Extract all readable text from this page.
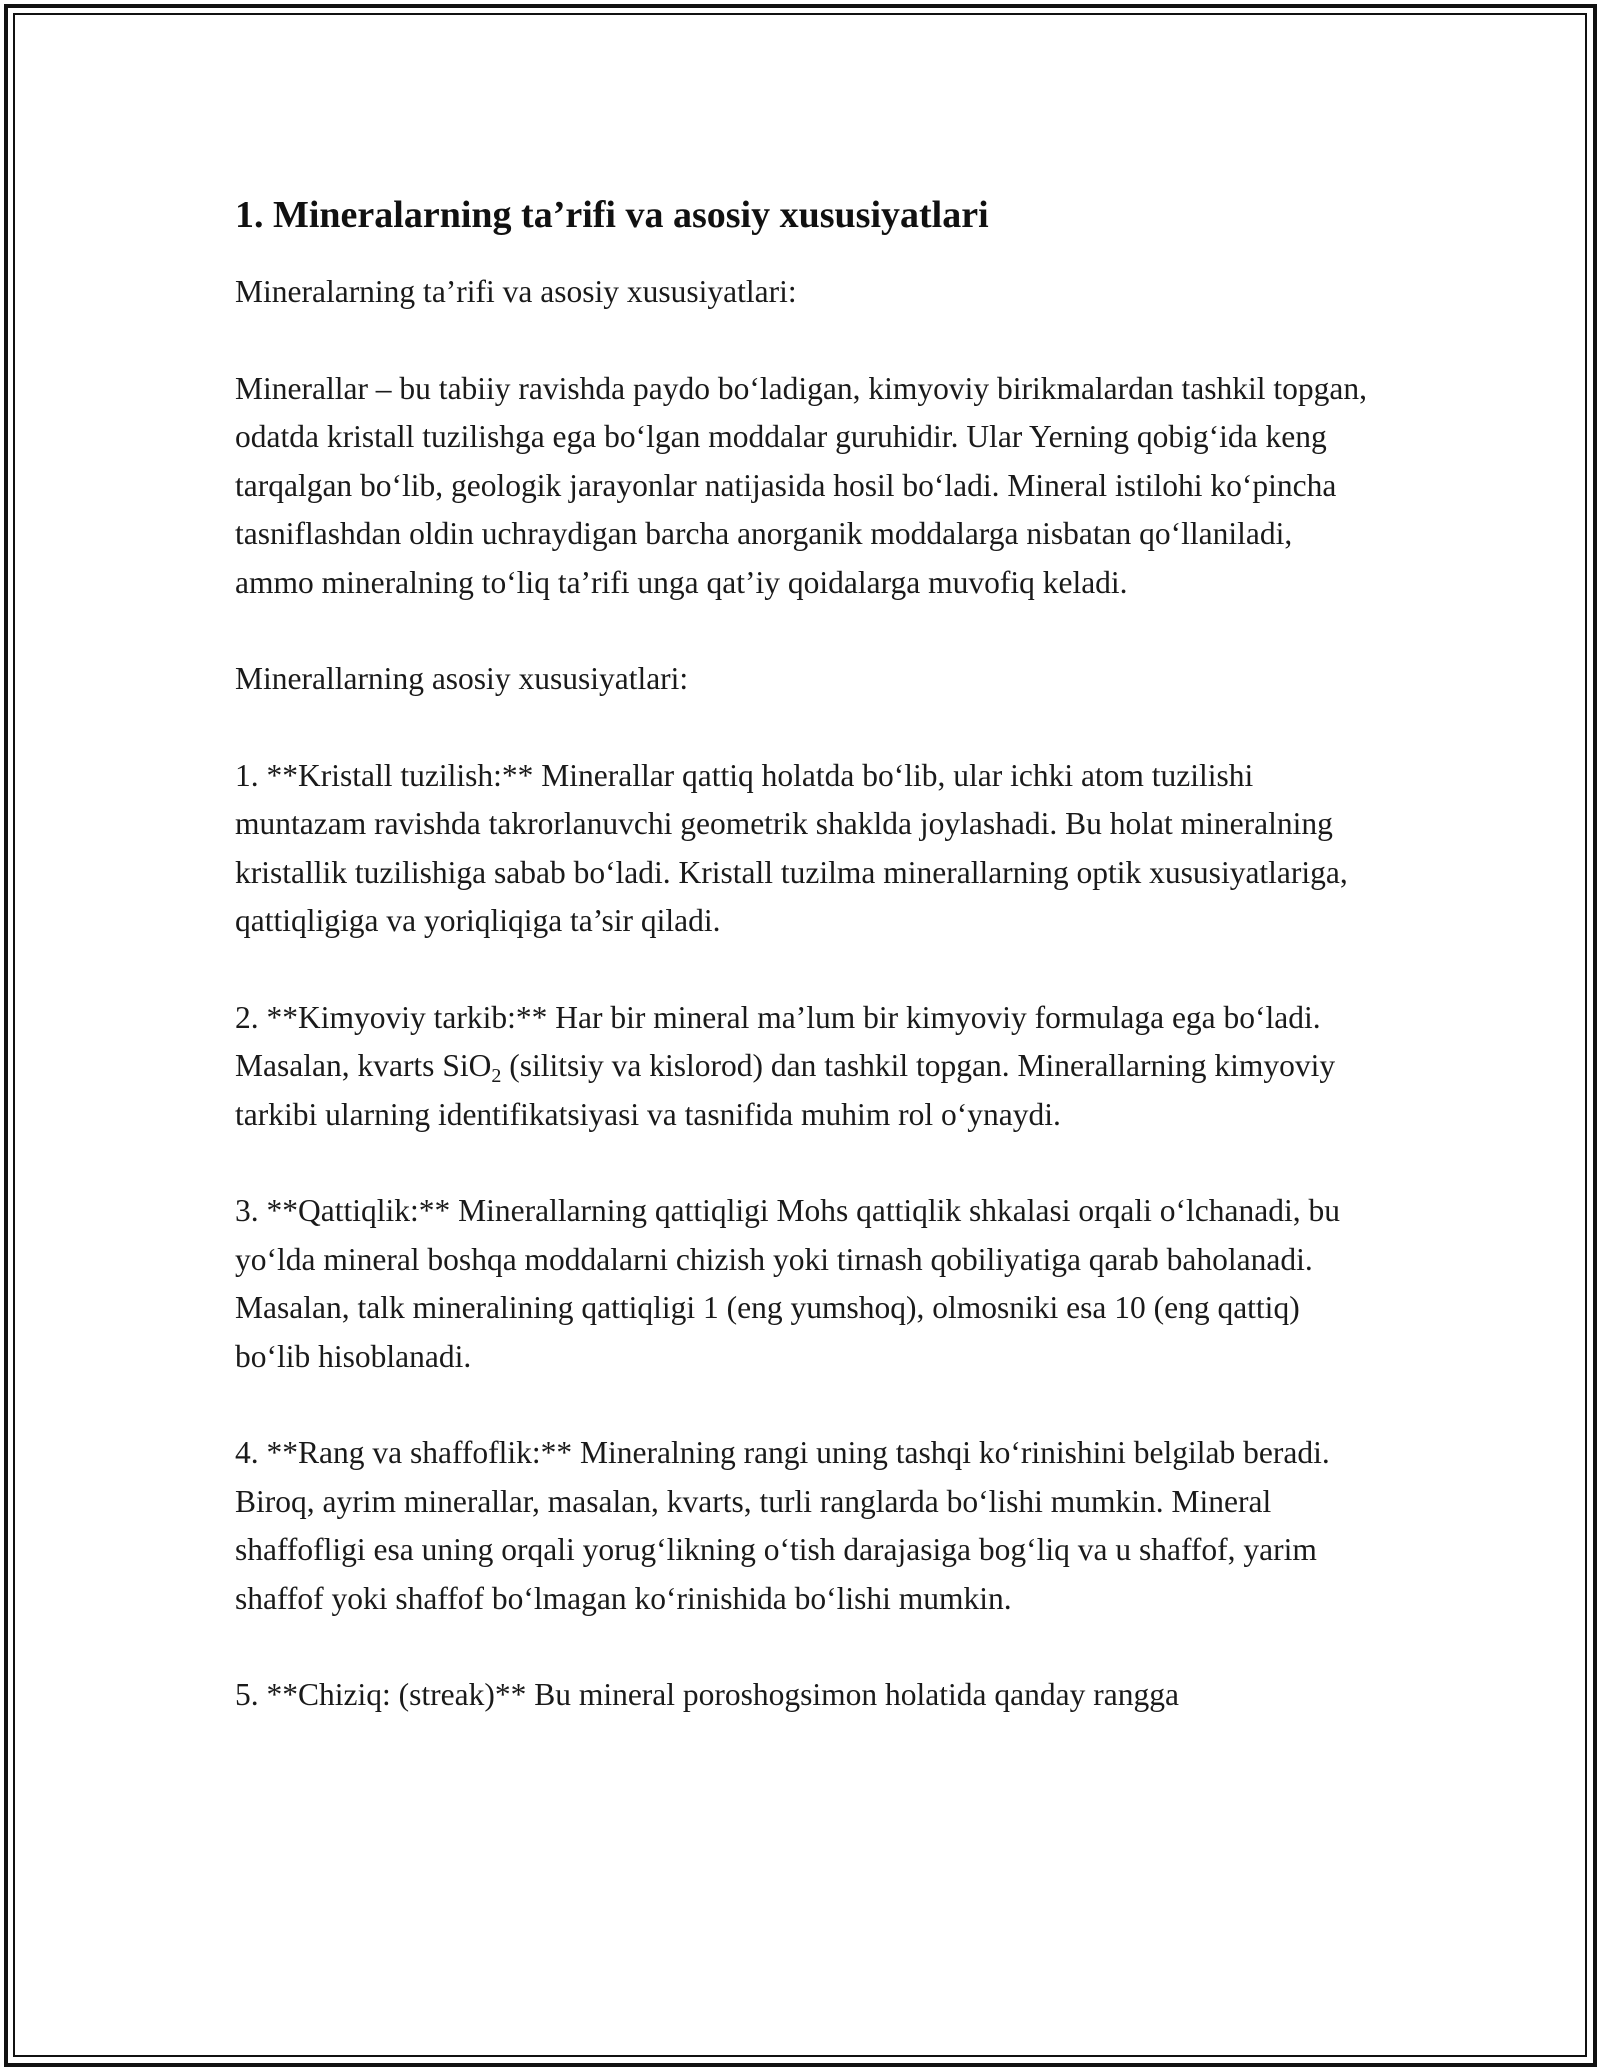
1. Mineralarning ta’rifi va asosiy xususiyatlari

Mineralarning ta’rifi va asosiy xususiyatlari:

Minerallar – bu tabiiy ravishda paydo bo‘ladigan, kimyoviy birikmalardan tashkil topgan, odatda kristall tuzilishga ega bo‘lgan moddalar guruhidir. Ular Yerning qobig‘ida keng tarqalgan bo‘lib, geologik jarayonlar natijasida hosil bo‘ladi. Mineral istilohi ko‘pincha tasniflashdan oldin uchraydigan barcha anorganik moddalarga nisbatan qo‘llaniladi, ammo mineralning to‘liq ta’rifi unga qat’iy qoidalarga muvofiq keladi.

Minerallarning asosiy xususiyatlari:

1. **Kristall tuzilish:** Minerallar qattiq holatda bo‘lib, ular ichki atom tuzilishi muntazam ravishda takrorlanuvchi geometrik shaklda joylashadi. Bu holat mineralning kristallik tuzilishiga sabab bo‘ladi. Kristall tuzilma minerallarning optik xususiyatlariga, qattiqligiga va yoriqliqiga ta’sir qiladi.

2. **Kimyoviy tarkib:** Har bir mineral ma’lum bir kimyoviy formulaga ega bo‘ladi. Masalan, kvarts SiO$_2$ (silitsiy va kislorod) dan tashkil topgan. Minerallarning kimyoviy tarkibi ularning identifikatsiyasi va tasnifida muhim rol o‘ynaydi.

3. **Qattiqlik:** Minerallarning qattiqligi Mohs qattiqlik shkalasi orqali o‘lchanadi, bu yo‘lda mineral boshqa moddalarni chizish yoki tirnash qobiliyatiga qarab baholanadi. Masalan, talk mineralining qattiqligi 1 (eng yumshoq), olmosniki esa 10 (eng qattiq) bo‘lib hisoblanadi.

4. **Rang va shaffoflik:** Mineralning rangi uning tashqi ko‘rinishini belgilab beradi. Biroq, ayrim minerallar, masalan, kvarts, turli ranglarda bo‘lishi mumkin. Mineral shaffofligi esa uning orqali yorug‘likning o‘tish darajasiga bog‘liq va u shaffof, yarim shaffof yoki shaffof bo‘lmagan ko‘rinishida bo‘lishi mumkin.

5. **Chiziq: (streak)** Bu mineral poroshogsimon holatida qanday rangga
